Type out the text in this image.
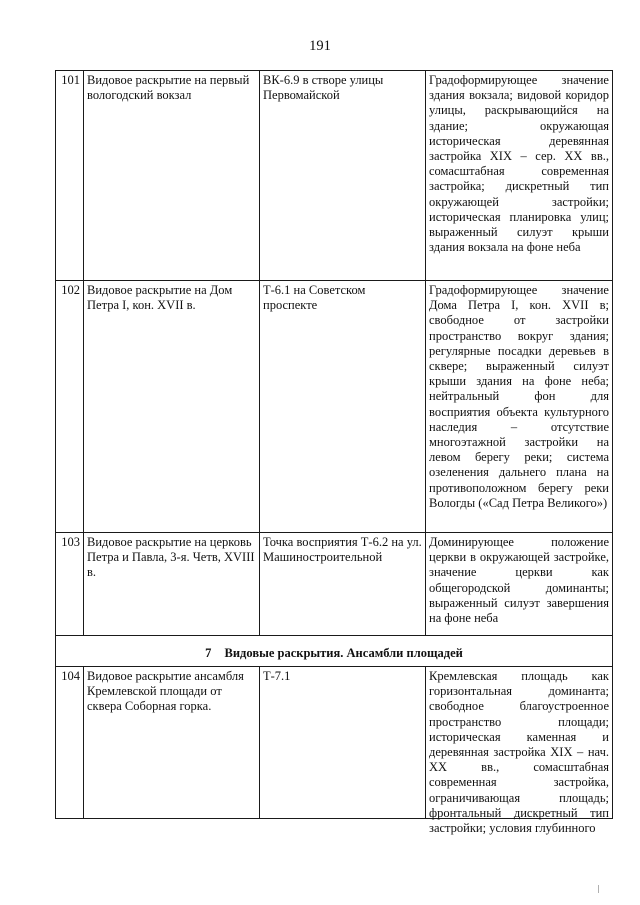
191
101	Видовое раскрытие на первый вологодский вокзал	ВК-6.9 в створе улицы Первомайской	Градоформирующее значение здания вокзала; видовой коридор улицы, раскрывающийся на здание; окружающая историческая деревянная застройка XIX – сер. XX вв., сомасштабная современная застройка; дискретный тип окружающей застройки; историческая планировка улиц; выраженный силуэт крыши здания вокзала на фоне неба
102	Видовое раскрытие на Дом Петра I, кон. XVII в.	Т-6.1 на Советском проспекте	Градоформирующее значение Дома Петра I, кон. XVII в; свободное от застройки пространство вокруг здания; регулярные посадки деревьев в сквере; выраженный силуэт крыши здания на фоне неба; нейтральный фон для восприятия объекта культурного наследия – отсутствие многоэтажной застройки на левом берегу реки; система озеленения дальнего плана на противоположном берегу реки Вологды («Сад Петра Великого»)
103	Видовое раскрытие на церковь Петра и Павла, 3-я. Четв, XVIII в.	Точка восприятия Т-6.2 на ул. Машиностроительной	Доминирующее положение церкви в окружающей застройке, значение церкви как общегородской доминанты; выраженный силуэт завершения на фоне неба
7 Видовые раскрытия. Ансамбли площадей			
104	Видовое раскрытие ансамбля Кремлевской площади от сквера Соборная горка.	Т-7.1	Кремлевская площадь как горизонтальная доминанта; свободное благоустроенное пространство площади; историческая каменная и деревянная застройка XIX – нач. XX вв., сомасштабная современная застройка, ограничивающая площадь; фронтальный дискретный тип застройки; условия глубинного
